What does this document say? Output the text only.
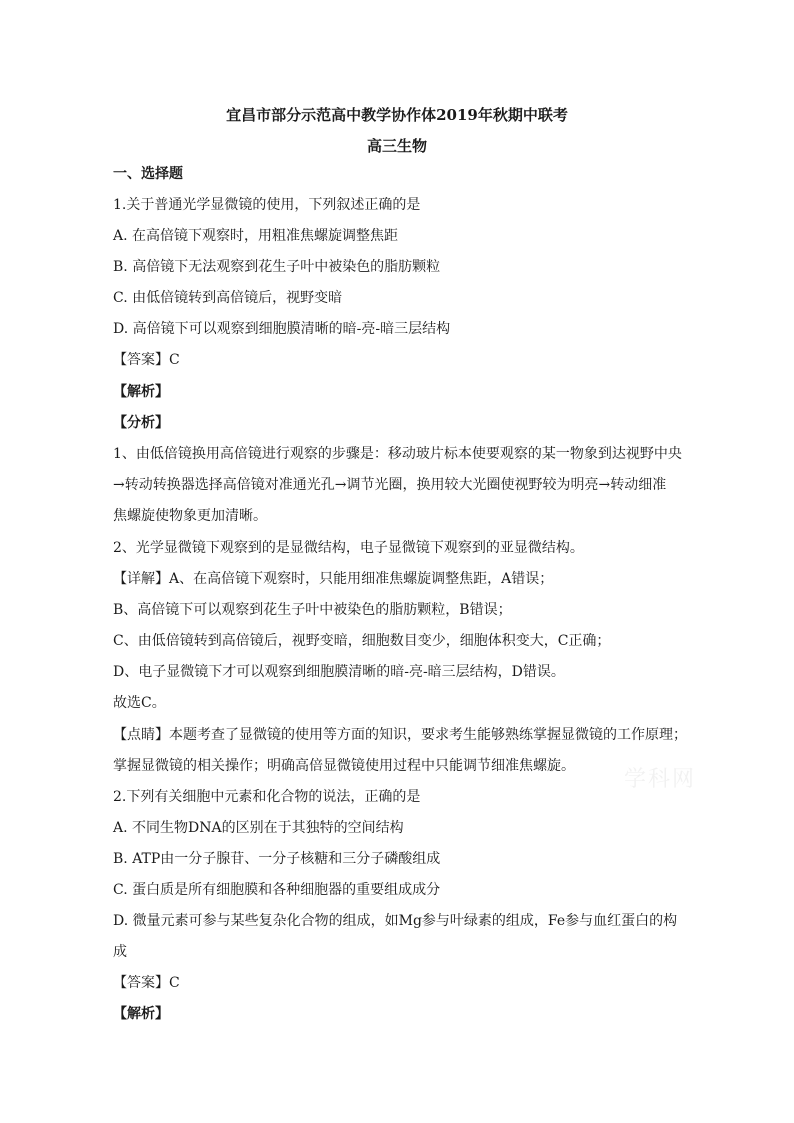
宜昌市部分示范高中教学协作体2019年秋期中联考
高三生物
一、选择题
1.关于普通光学显微镜的使用，下列叙述正确的是
A. 在高倍镜下观察时，用粗准焦螺旋调整焦距
B. 高倍镜下无法观察到花生子叶中被染色的脂肪颗粒
C. 由低倍镜转到高倍镜后，视野变暗
D. 高倍镜下可以观察到细胞膜清晰的暗-亮-暗三层结构
【答案】C
【解析】
【分析】
1、由低倍镜换用高倍镜进行观察的步骤是：移动玻片标本使要观察的某一物象到达视野中央
→转动转换器选择高倍镜对准通光孔→调节光圈，换用较大光圈使视野较为明亮→转动细准
焦螺旋使物象更加清晰。
2、光学显微镜下观察到的是显微结构，电子显微镜下观察到的亚显微结构。
【详解】A、在高倍镜下观察时，只能用细准焦螺旋调整焦距，A错误；
B、高倍镜下可以观察到花生子叶中被染色的脂肪颗粒，B错误；
C、由低倍镜转到高倍镜后，视野变暗，细胞数目变少，细胞体积变大，C正确；
D、电子显微镜下才可以观察到细胞膜清晰的暗-亮-暗三层结构，D错误。
故选C。
【点睛】本题考查了显微镜的使用等方面的知识，要求考生能够熟练掌握显微镜的工作原理；
掌握显微镜的相关操作；明确高倍显微镜使用过程中只能调节细准焦螺旋。
2.下列有关细胞中元素和化合物的说法，正确的是
A. 不同生物DNA的区别在于其独特的空间结构
B. ATP由一分子腺苷、一分子核糖和三分子磷酸组成
C. 蛋白质是所有细胞膜和各种细胞器的重要组成成分
D. 微量元素可参与某些复杂化合物的组成，如Mg参与叶绿素的组成，Fe参与血红蛋白的构
成
【答案】C
【解析】
学科网
